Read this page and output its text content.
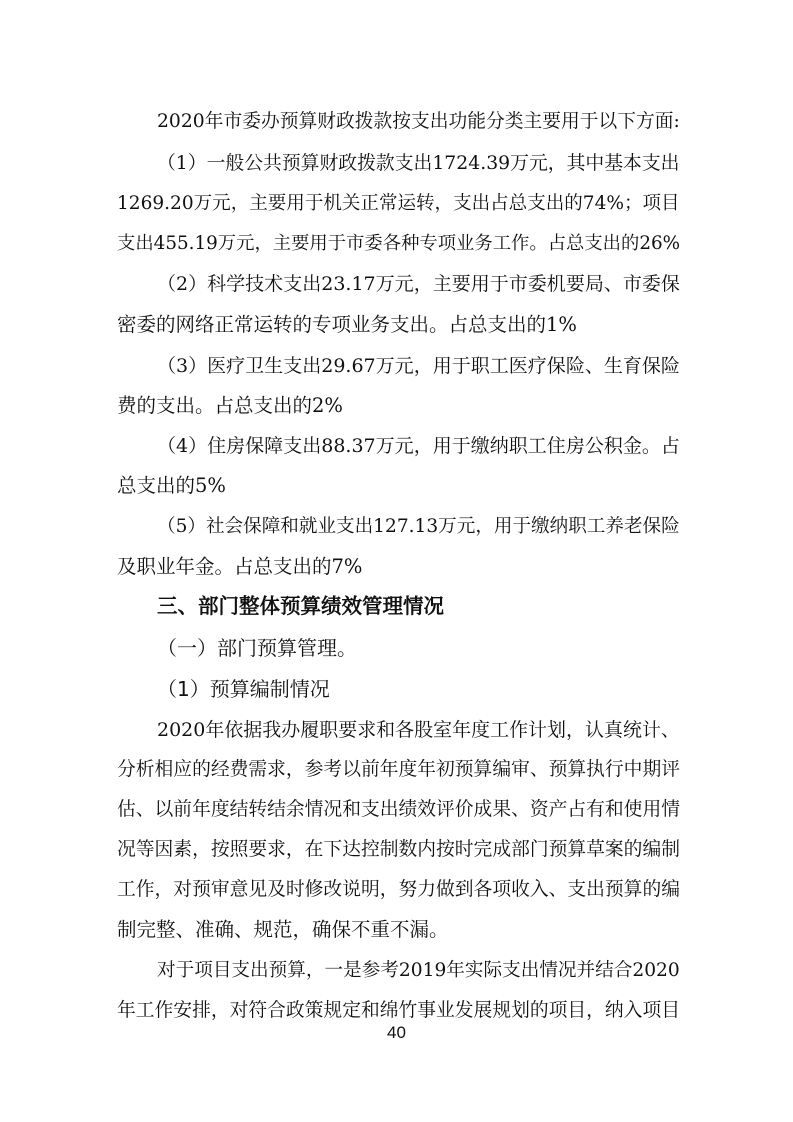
2020年市委办预算财政拨款按支出功能分类主要用于以下方面:
（1）一般公共预算财政拨款支出1724.39万元，其中基本支出
1269.20万元，主要用于机关正常运转，支出占总支出的74%；项目
支出455.19万元，主要用于市委各种专项业务工作。占总支出的26%
（2）科学技术支出23.17万元，主要用于市委机要局、市委保
密委的网络正常运转的专项业务支出。占总支出的1%
（3）医疗卫生支出29.67万元，用于职工医疗保险、生育保险
费的支出。占总支出的2%
（4）住房保障支出88.37万元，用于缴纳职工住房公积金。占
总支出的5%
（5）社会保障和就业支出127.13万元，用于缴纳职工养老保险
及职业年金。占总支出的7%
三、部门整体预算绩效管理情况
（一）部门预算管理。
（1）预算编制情况
2020年依据我办履职要求和各股室年度工作计划，认真统计、
分析相应的经费需求，参考以前年度年初预算编审、预算执行中期评
估、以前年度结转结余情况和支出绩效评价成果、资产占有和使用情
况等因素，按照要求，在下达控制数内按时完成部门预算草案的编制
工作，对预审意见及时修改说明，努力做到各项收入、支出预算的编
制完整、准确、规范，确保不重不漏。
对于项目支出预算，一是参考2019年实际支出情况并结合2020
年工作安排，对符合政策规定和绵竹事业发展规划的项目，纳入项目
40
